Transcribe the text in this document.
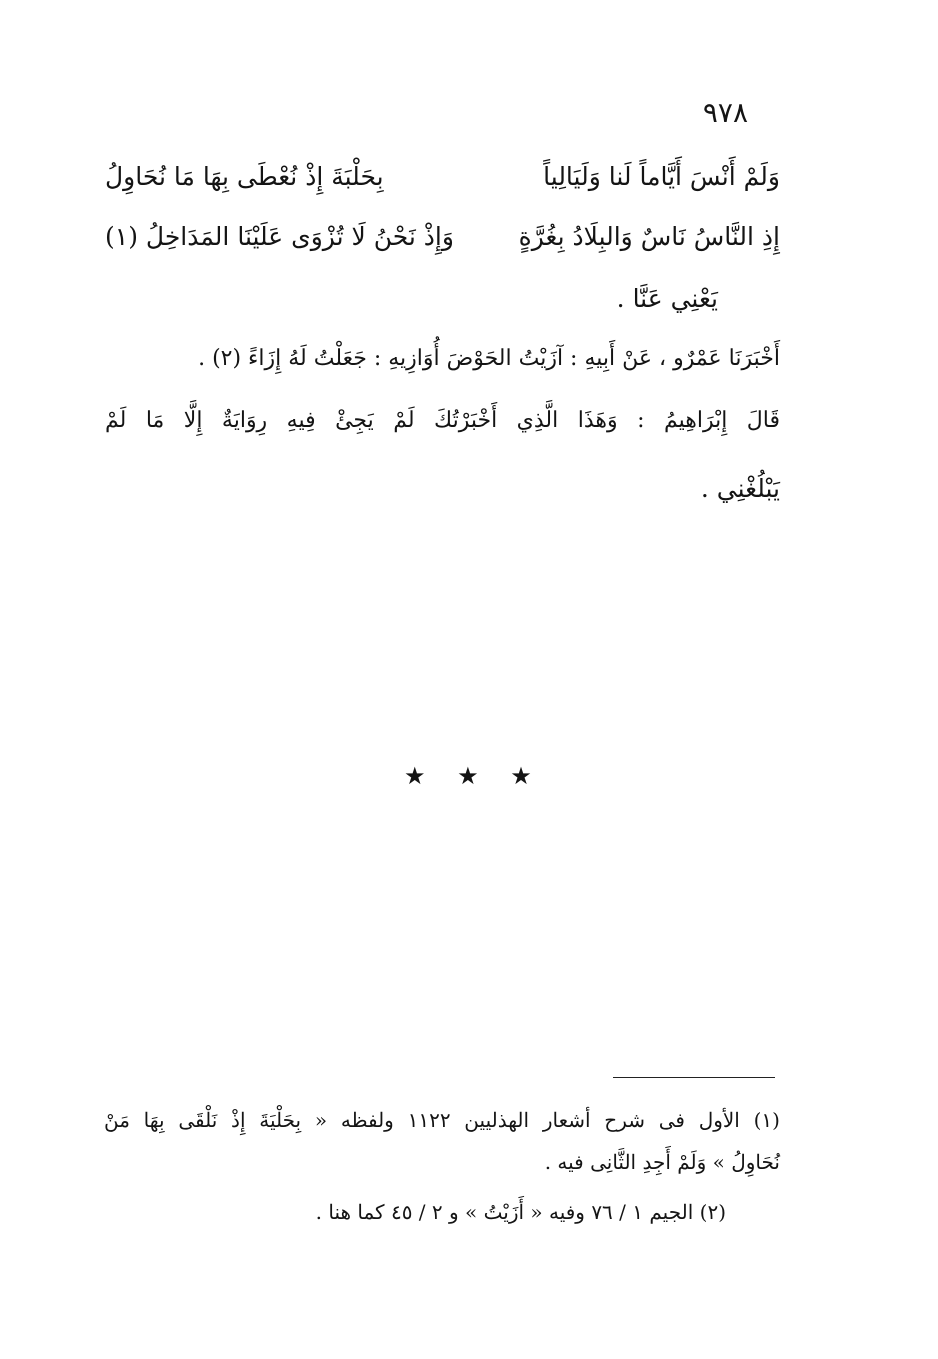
٩٧٨
وَلَمْ أَنْسَ أَيَّاماً لَنا وَلَيَالِياً
بِحَلْبَةَ إِذْ نُعْطَى بِهَا مَا نُحَاوِلُ
إِذِ النَّاسُ نَاسٌ وَالبِلَادُ بِغُرَّةٍ
وَإِذْ نَحْنُ لَا تُزْوَى عَلَيْنَا المَدَاخِلُ (١)
يَعْنِي عَنَّا .
أَخْبَرَنَا عَمْرٌو ، عَنْ أَبِيهِ : آزَيْتُ الحَوْضَ أُوَازِيهِ : جَعَلْتُ لَهُ إِزَاءً (٢) .
قَالَ إِبْرَاهِيمُ : وَهَذَا الَّذِي أَخْبَرْتُكَ لَمْ يَجِئْ فِيهِ رِوَايَةٌ إِلَّا مَا لَمْ
يَبْلُغْنِي .
★ ★ ★
(١) الأول فى شرح أشعار الهذليين ١١٢٢ ولفظه « بِحَلْيَةَ إِذْ نَلْقَى بِهَا مَنْ
نُحَاوِلُ » وَلَمْ أَجِدِ الثَّانِى فيه .
(٢) الجيم ١ / ٧٦ وفيه « أَزَيْتُ » و ٢ / ٤٥ كما هنا .
